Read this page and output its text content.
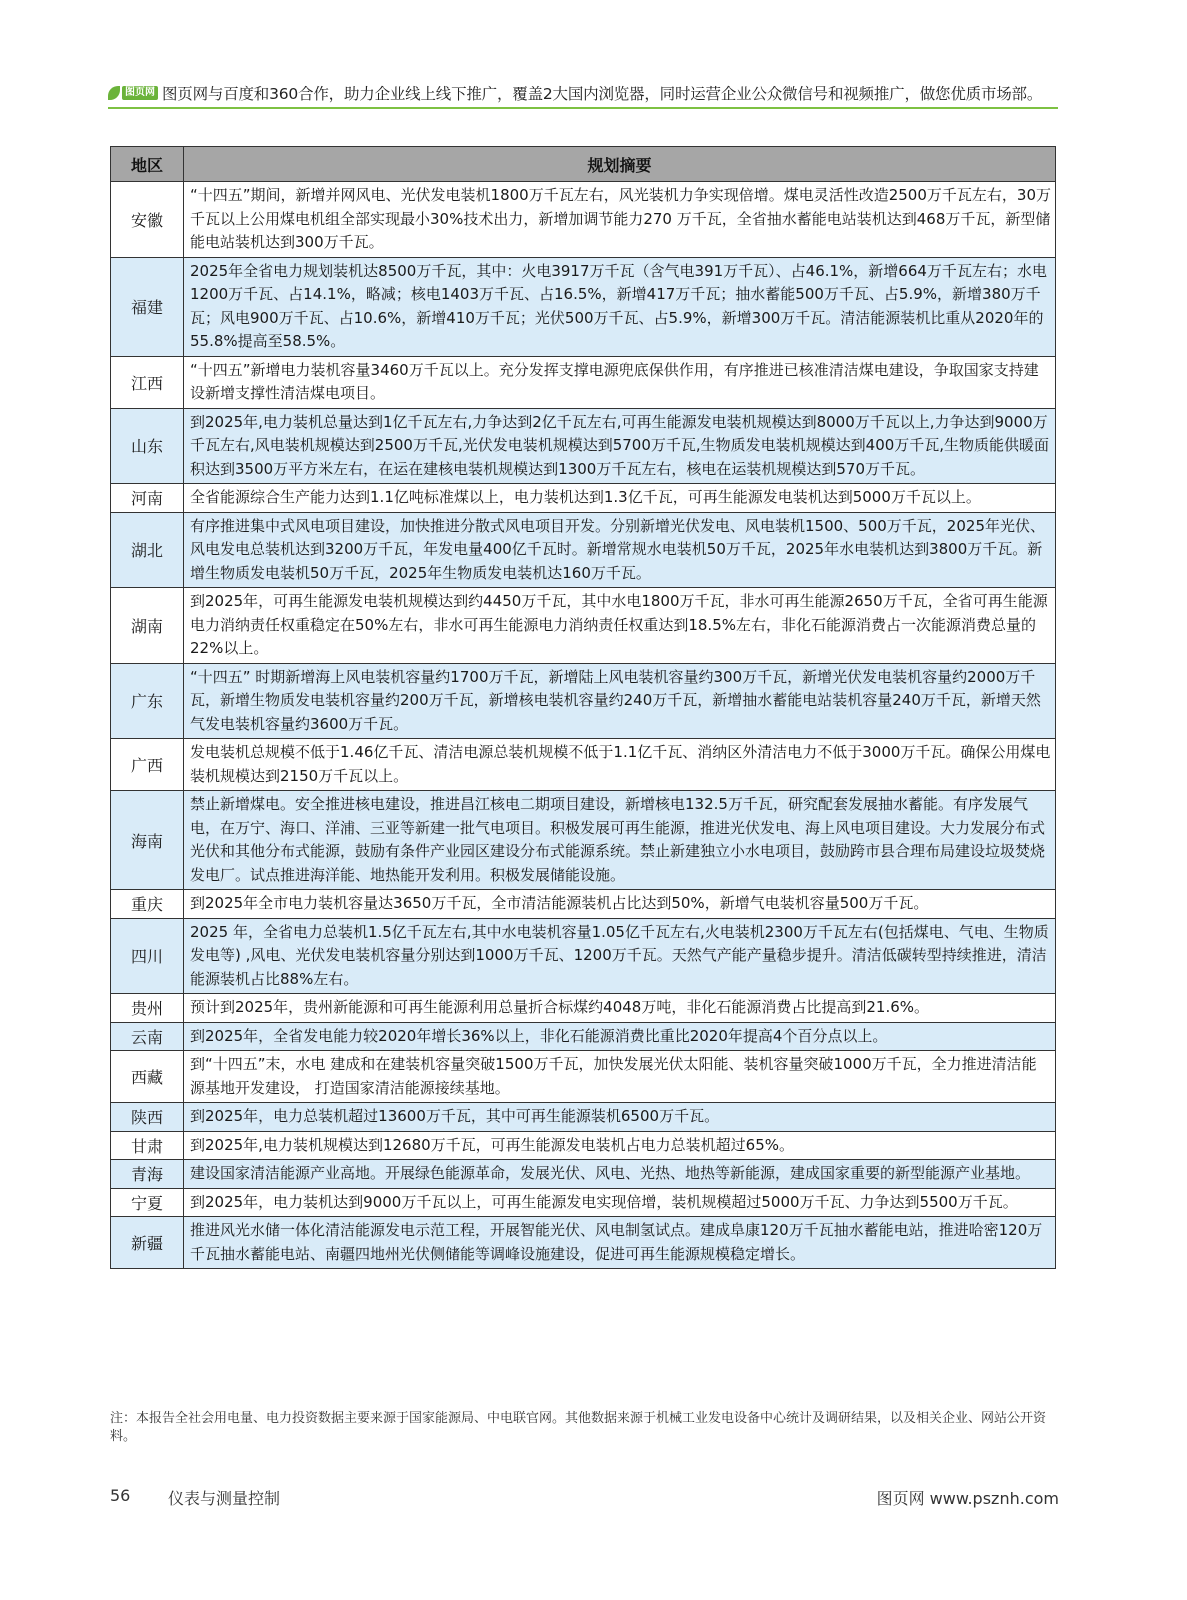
图页网 图页网与百度和360合作，助力企业线上线下推广，覆盖2大国内浏览器，同时运营企业公众微信号和视频推广，做您优质市场部。
地区	规划摘要
安徽	“十四五”期间，新增并网风电、光伏发电装机1800万千瓦左右，风光装机力争实现倍增。煤电灵活性改造2500万千瓦左右，30万千瓦以上公用煤电机组全部实现最小30%技术出力，新增加调节能力270 万千瓦，全省抽水蓄能电站装机达到468万千瓦，新型储能电站装机达到300万千瓦。
福建	2025年全省电力规划装机达8500万千瓦，其中：火电3917万千瓦（含气电391万千瓦）、占46.1%，新增664万千瓦左右；水电1200万千瓦、占14.1%，略减；核电1403万千瓦、占16.5%，新增417万千瓦；抽水蓄能500万千瓦、占5.9%，新增380万千瓦；风电900万千瓦、占10.6%，新增410万千瓦；光伏500万千瓦、占5.9%，新增300万千瓦。清洁能源装机比重从2020年的55.8%提高至58.5%。
江西	“十四五”新增电力装机容量3460万千瓦以上。充分发挥支撑电源兜底保供作用，有序推进已核准清洁煤电建设，争取国家支持建设新增支撑性清洁煤电项目。
山东	到2025年,电力装机总量达到1亿千瓦左右,力争达到2亿千瓦左右,可再生能源发电装机规模达到8000万千瓦以上,力争达到9000万千瓦左右,风电装机规模达到2500万千瓦,光伏发电装机规模达到5700万千瓦,生物质发电装机规模达到400万千瓦,生物质能供暖面积达到3500万平方米左右，在运在建核电装机规模达到1300万千瓦左右，核电在运装机规模达到570万千瓦。
河南	全省能源综合生产能力达到1.1亿吨标准煤以上，电力装机达到1.3亿千瓦，可再生能源发电装机达到5000万千瓦以上。
湖北	有序推进集中式风电项目建设，加快推进分散式风电项目开发。分别新增光伏发电、风电装机1500、500万千瓦，2025年光伏、风电发电总装机达到3200万千瓦，年发电量400亿千瓦时。新增常规水电装机50万千瓦，2025年水电装机达到3800万千瓦。新增生物质发电装机50万千瓦，2025年生物质发电装机达160万千瓦。
湖南	到2025年，可再生能源发电装机规模达到约4450万千瓦，其中水电1800万千瓦，非水可再生能源2650万千瓦，全省可再生能源电力消纳责任权重稳定在50%左右，非水可再生能源电力消纳责任权重达到18.5%左右，非化石能源消费占一次能源消费总量的22%以上。
广东	“十四五” 时期新增海上风电装机容量约1700万千瓦，新增陆上风电装机容量约300万千瓦，新增光伏发电装机容量约2000万千瓦，新增生物质发电装机容量约200万千瓦，新增核电装机容量约240万千瓦，新增抽水蓄能电站装机容量240万千瓦，新增天然气发电装机容量约3600万千瓦。
广西	发电装机总规模不低于1.46亿千瓦、清洁电源总装机规模不低于1.1亿千瓦、消纳区外清洁电力不低于3000万千瓦。确保公用煤电装机规模达到2150万千瓦以上。
海南	禁止新增煤电。安全推进核电建设，推进昌江核电二期项目建设，新增核电132.5万千瓦，研究配套发展抽水蓄能。有序发展气电，在万宁、海口、洋浦、三亚等新建一批气电项目。积极发展可再生能源，推进光伏发电、海上风电项目建设。大力发展分布式光伏和其他分布式能源，鼓励有条件产业园区建设分布式能源系统。禁止新建独立小水电项目，鼓励跨市县合理布局建设垃圾焚烧发电厂。试点推进海洋能、地热能开发利用。积极发展储能设施。
重庆	到2025年全市电力装机容量达3650万千瓦，全市清洁能源装机占比达到50%，新增气电装机容量500万千瓦。
四川	2025 年，全省电力总装机1.5亿千瓦左右,其中水电装机容量1.05亿千瓦左右,火电装机2300万千瓦左右(包括煤电、气电、生物质发电等) ,风电、光伏发电装机容量分别达到1000万千瓦、1200万千瓦。天然气产能产量稳步提升。清洁低碳转型持续推进，清洁能源装机占比88%左右。
贵州	预计到2025年，贵州新能源和可再生能源利用总量折合标煤约4048万吨，非化石能源消费占比提高到21.6%。
云南	到2025年，全省发电能力较2020年增长36%以上，非化石能源消费比重比2020年提高4个百分点以上。
西藏	到“十四五”末，水电 建成和在建装机容量突破1500万千瓦，加快发展光伏太阳能、装机容量突破1000万千瓦，全力推进清洁能源基地开发建设， 打造国家清洁能源接续基地。
陕西	到2025年，电力总装机超过13600万千瓦，其中可再生能源装机6500万千瓦。
甘肃	到2025年,电力装机规模达到12680万千瓦，可再生能源发电装机占电力总装机超过65%。
青海	建设国家清洁能源产业高地。开展绿色能源革命，发展光伏、风电、光热、地热等新能源，建成国家重要的新型能源产业基地。
宁夏	到2025年，电力装机达到9000万千瓦以上，可再生能源发电实现倍增，装机规模超过5000万千瓦、力争达到5500万千瓦。
新疆	推进风光水储一体化清洁能源发电示范工程，开展智能光伏、风电制氢试点。建成阜康120万千瓦抽水蓄能电站，推进哈密120万千瓦抽水蓄能电站、南疆四地州光伏侧储能等调峰设施建设，促进可再生能源规模稳定增长。
注：本报告全社会用电量、电力投资数据主要来源于国家能源局、中电联官网。其他数据来源于机械工业发电设备中心统计及调研结果，以及相关企业、网站公开资料。
56 仪表与测量控制	图页网 www.psznh.com
